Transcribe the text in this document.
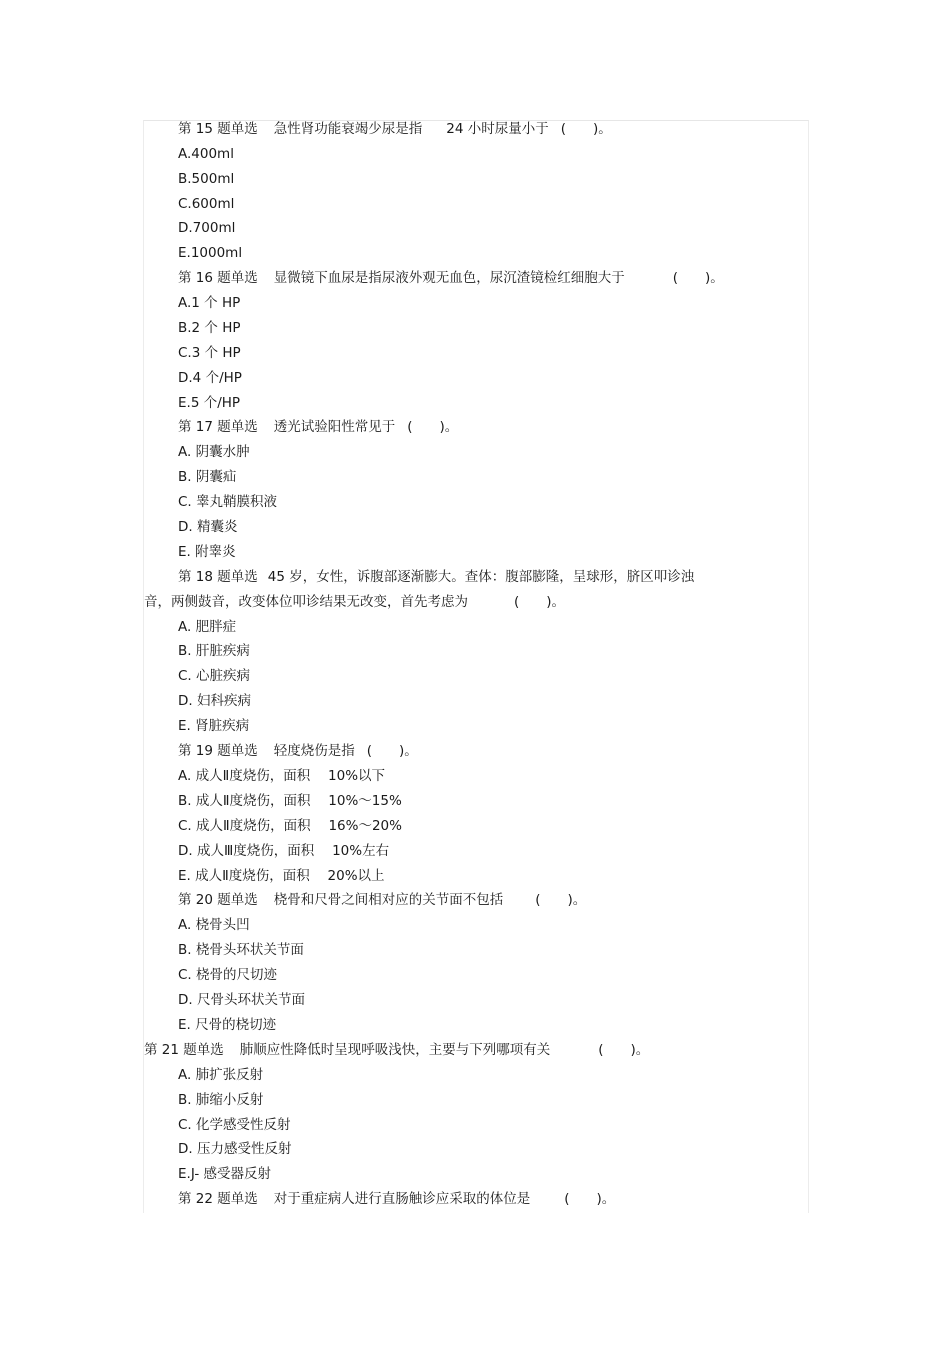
第 15 题单选 急性肾功能衰竭少尿是指 24 小时尿量小于 (　　)。
A.400ml
B.500ml
C.600ml
D.700ml
E.1000ml
第 16 题单选 显微镜下血尿是指尿液外观无血色，尿沉渣镜检红细胞大于	(　　)。
A.1 个 HP
B.2 个 HP
C.3 个 HP
D.4 个/HP
E.5 个/HP
第 17 题单选 透光试验阳性常见于 (　　)。
A. 阴囊水肿
B. 阴囊疝
C. 睾丸鞘膜积液
D. 精囊炎
E. 附睾炎
第 18 题单选 45 岁，女性，诉腹部逐渐膨大。查体：腹部膨隆，呈球形，脐区叩诊浊
音，两侧鼓音，改变体位叩诊结果无改变，首先考虑为	(　　)。
A. 肥胖症
B. 肝脏疾病
C. 心脏疾病
D. 妇科疾病
E. 肾脏疾病
第 19 题单选 轻度烧伤是指 (　　)。
A. 成人Ⅱ度烧伤，面积　 10%以下
B. 成人Ⅱ度烧伤，面积　 10%～15%
C. 成人Ⅱ度烧伤，面积　 16%～20%
D. 成人Ⅲ度烧伤，面积　 10%左右
E. 成人Ⅱ度烧伤，面积　 20%以上
第 20 题单选 桡骨和尺骨之间相对应的关节面不包括 (　　)。
A. 桡骨头凹
B. 桡骨头环状关节面
C. 桡骨的尺切迹
D. 尺骨头环状关节面
E. 尺骨的桡切迹
第 21 题单选 肺顺应性降低时呈现呼吸浅快，主要与下列哪项有关	(　　)。
A. 肺扩张反射
B. 肺缩小反射
C. 化学感受性反射
D. 压力感受性反射
E.J- 感受器反射
第 22 题单选 对于重症病人进行直肠触诊应采取的体位是	(　　)。
